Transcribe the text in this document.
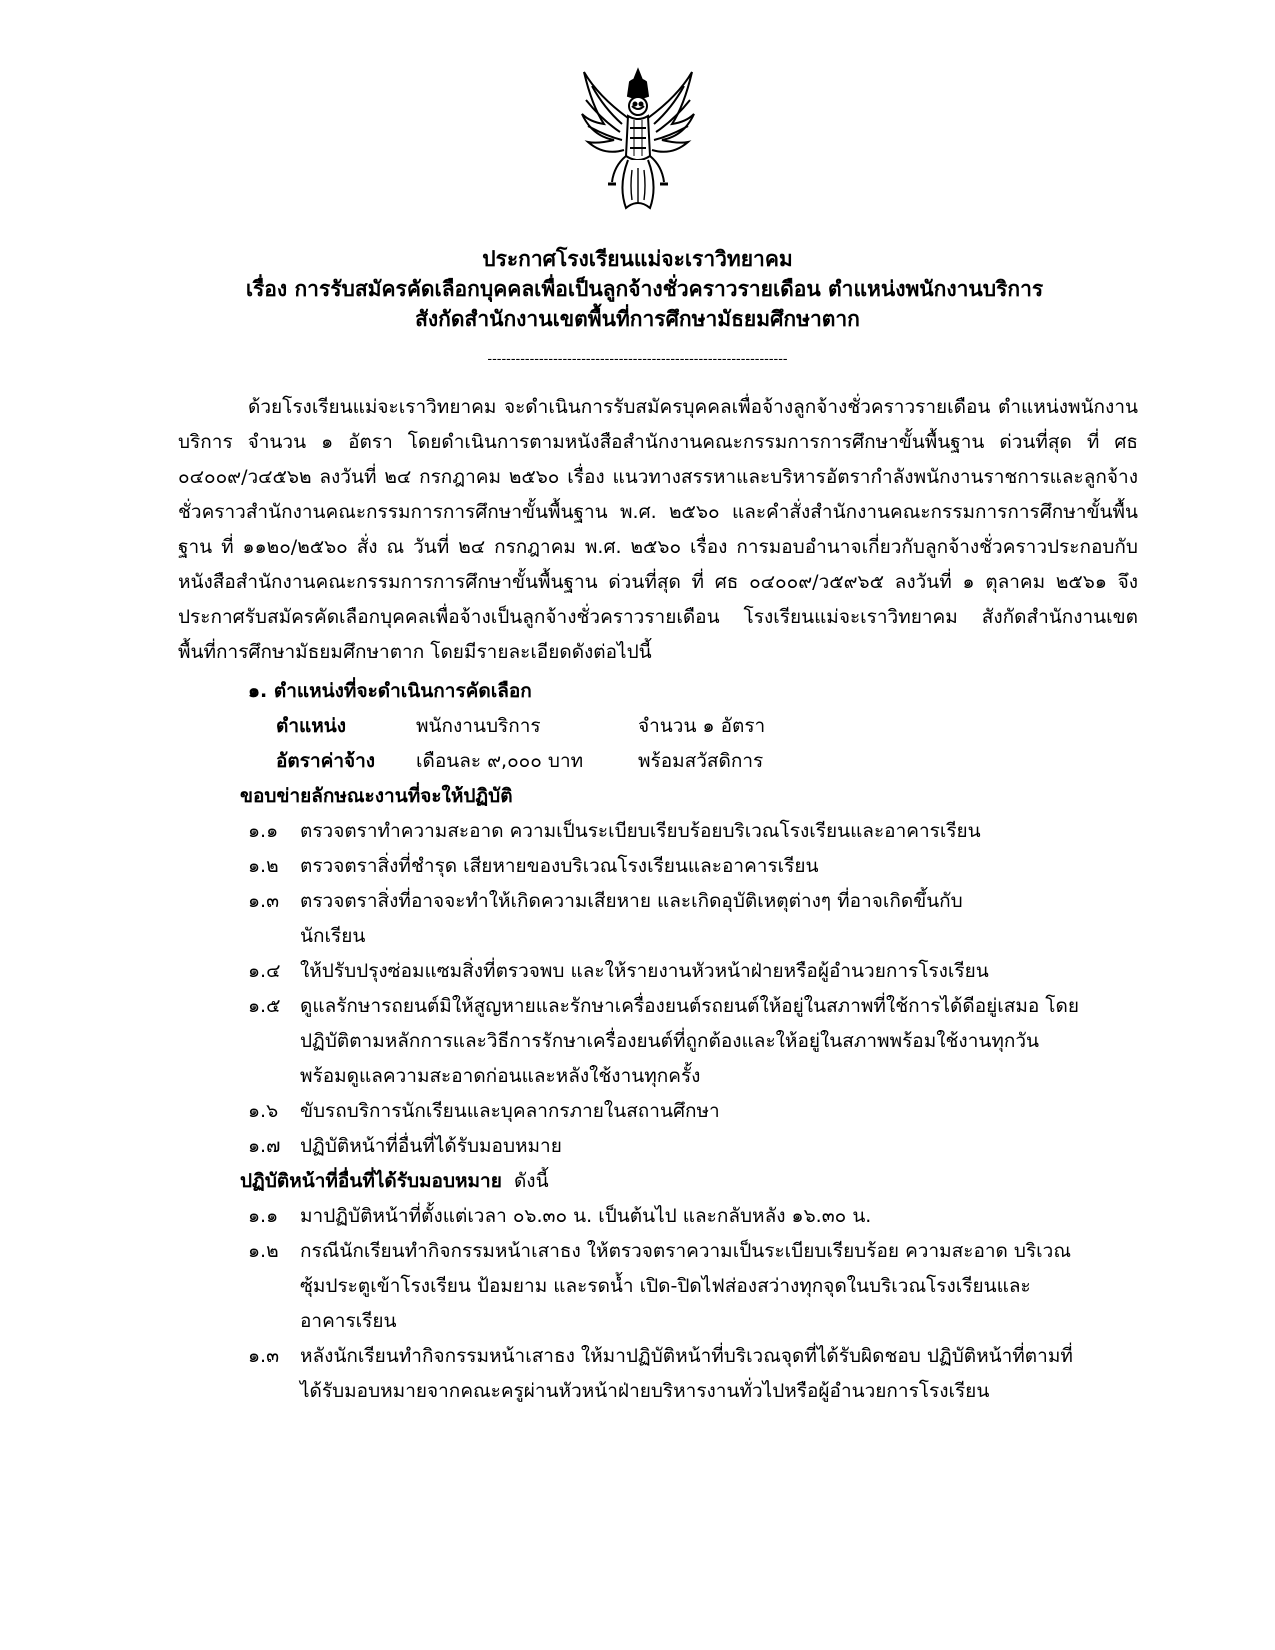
ประกาศโรงเรียนแม่จะเราวิทยาคม
เรื่อง การรับสมัครคัดเลือกบุคคลเพื่อเป็นลูกจ้างชั่วคราวรายเดือน ตำแหน่งพนักงานบริการ
สังกัดสำนักงานเขตพื้นที่การศึกษามัธยมศึกษาตาก
----------------------------------------------------------------
ด้วยโรงเรียนแม่จะเราวิทยาคม จะดำเนินการรับสมัครบุคคลเพื่อจ้างลูกจ้างชั่วคราวรายเดือน ตำแหน่งพนักงานบริการ จำนวน ๑ อัตรา โดยดำเนินการตามหนังสือสำนักงานคณะกรรมการการศึกษาขั้นพื้นฐาน ด่วนที่สุด ที่ ศธ ๐๔๐๐๙/ว๔๕๖๒ ลงวันที่ ๒๔ กรกฎาคม ๒๕๖๐ เรื่อง แนวทางสรรหาและบริหารอัตรากำลังพนักงานราชการและลูกจ้างชั่วคราวสำนักงานคณะกรรมการการศึกษาขั้นพื้นฐาน พ.ศ. ๒๕๖๐ และคำสั่งสำนักงานคณะกรรมการการศึกษาขั้นพื้นฐาน ที่ ๑๑๒๐/๒๕๖๐ สั่ง ณ วันที่ ๒๔ กรกฎาคม พ.ศ. ๒๕๖๐ เรื่อง การมอบอำนาจเกี่ยวกับลูกจ้างชั่วคราวประกอบกับหนังสือสำนักงานคณะกรรมการการศึกษาขั้นพื้นฐาน ด่วนที่สุด ที่ ศธ ๐๔๐๐๙/ว๕๙๖๕ ลงวันที่ ๑ ตุลาคม ๒๕๖๑ จึงประกาศรับสมัครคัดเลือกบุคคลเพื่อจ้างเป็นลูกจ้างชั่วคราวรายเดือน โรงเรียนแม่จะเราวิทยาคม สังกัดสำนักงานเขตพื้นที่การศึกษามัธยมศึกษาตาก โดยมีรายละเอียดดังต่อไปนี้
๑. ตำแหน่งที่จะดำเนินการคัดเลือก
ตำแหน่ง	พนักงานบริการ	จำนวน ๑ อัตรา
อัตราค่าจ้าง เดือนละ ๙,๐๐๐ บาท	พร้อมสวัสดิการ
ขอบข่ายลักษณะงานที่จะให้ปฏิบัติ
๑.๑	ตรวจตราทำความสะอาด ความเป็นระเบียบเรียบร้อยบริเวณโรงเรียนและอาคารเรียน
๑.๒	ตรวจตราสิ่งที่ชำรุด เสียหายของบริเวณโรงเรียนและอาคารเรียน
๑.๓	ตรวจตราสิ่งที่อาจจะทำให้เกิดความเสียหาย และเกิดอุบัติเหตุต่างๆ ที่อาจเกิดขึ้นกับนักเรียน
๑.๔	ให้ปรับปรุงซ่อมแซมสิ่งที่ตรวจพบ และให้รายงานหัวหน้าฝ่ายหรือผู้อำนวยการโรงเรียน
๑.๕	ดูแลรักษารถยนต์มิให้สูญหายและรักษาเครื่องยนต์รถยนต์ให้อยู่ในสภาพที่ใช้การได้ดีอยู่เสมอ โดยปฏิบัติตามหลักการและวิธีการรักษาเครื่องยนต์ที่ถูกต้องและให้อยู่ในสภาพพร้อมใช้งานทุกวัน พร้อมดูแลความสะอาดก่อนและหลังใช้งานทุกครั้ง
๑.๖	ขับรถบริการนักเรียนและบุคลากรภายในสถานศึกษา
๑.๗	ปฏิบัติหน้าที่อื่นที่ได้รับมอบหมาย
ปฏิบัติหน้าที่อื่นที่ได้รับมอบหมาย ดังนี้
๑.๑	มาปฏิบัติหน้าที่ตั้งแต่เวลา ๐๖.๓๐ น. เป็นต้นไป และกลับหลัง ๑๖.๓๐ น.
๑.๒	กรณีนักเรียนทำกิจกรรมหน้าเสาธง ให้ตรวจตราความเป็นระเบียบเรียบร้อย ความสะอาด บริเวณซุ้มประตูเข้าโรงเรียน ป้อมยาม และรดน้ำ เปิด-ปิดไฟส่องสว่างทุกจุดในบริเวณโรงเรียนและอาคารเรียน
๑.๓	หลังนักเรียนทำกิจกรรมหน้าเสาธง ให้มาปฏิบัติหน้าที่บริเวณจุดที่ได้รับผิดชอบ ปฏิบัติหน้าที่ตามที่ได้รับมอบหมายจากคณะครูผ่านหัวหน้าฝ่ายบริหารงานทั่วไปหรือผู้อำนวยการโรงเรียน
